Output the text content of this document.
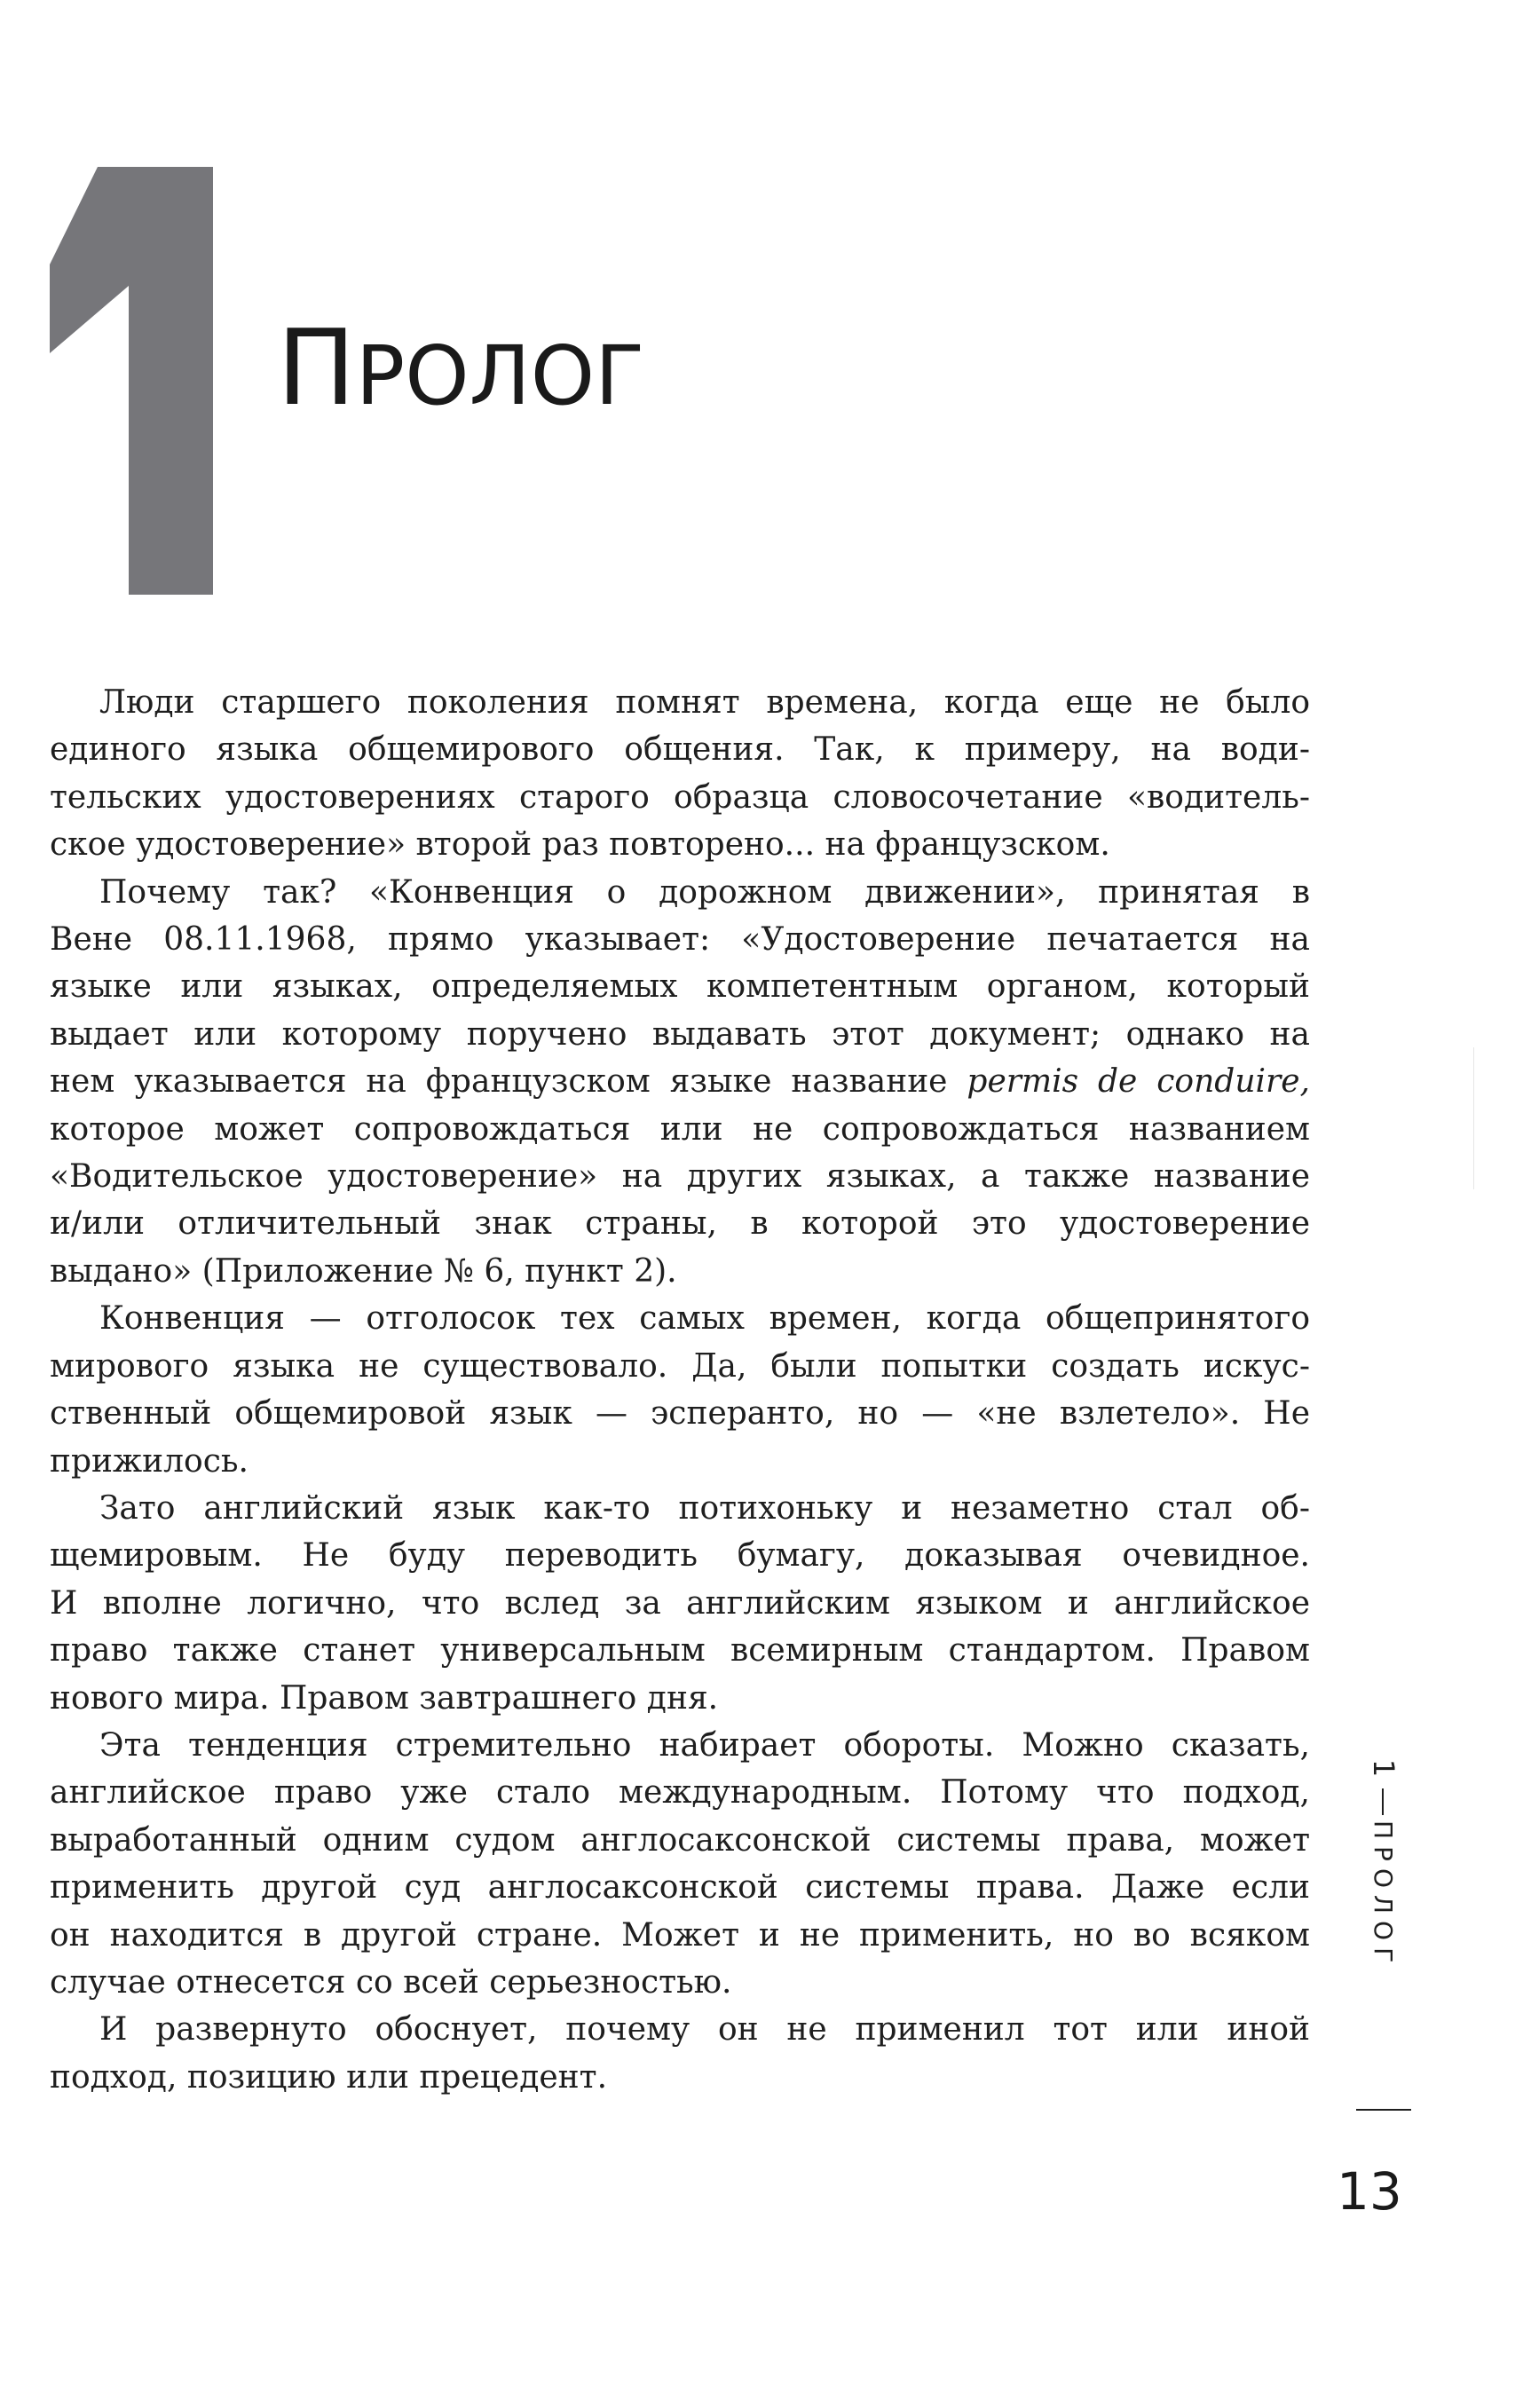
ПРОЛОГ

Люди старшего поколения помнят времена, когда еще не было
единого языка общемирового общения. Так, к примеру, на води-
тельских удостоверениях старого образца словосочетание «водитель-
ское удостоверение» второй раз повторено... на французском.

Почему так? «Конвенция о дорожном движении», принятая в
Вене 08.11.1968, прямо указывает: «Удостоверение печатается на
языке или языках, определяемых компетентным органом, который
выдает или которому поручено выдавать этот документ; однако на
нем указывается на французском языке название permis de conduire,
которое может сопровождаться или не сопровождаться названием
«Водительское удостоверение» на других языках, а также название
и/или отличительный знак страны, в которой это удостоверение
выдано» (Приложение № 6, пункт 2).

Конвенция — отголосок тех самых времен, когда общепринятого
мирового языка не существовало. Да, были попытки создать искус-
ственный общемировой язык — эсперанто, но — «не взлетело». Не
прижилось.

Зато английский язык как-то потихоньку и незаметно стал об-
щемировым. Не буду переводить бумагу, доказывая очевидное.
И вполне логично, что вслед за английским языком и английское
право также станет универсальным всемирным стандартом. Правом
нового мира. Правом завтрашнего дня.

Эта тенденция стремительно набирает обороты. Можно сказать,
английское право уже стало международным. Потому что подход,
выработанный одним судом англосаксонской системы права, может
применить другой суд англосаксонской системы права. Даже если
он находится в другой стране. Может и не применить, но во всяком
случае отнесется со всей серьезностью.

И развернуто обоснует, почему он не применил тот или иной
подход, позицию или прецедент.

1
ПРОЛОГ
13
